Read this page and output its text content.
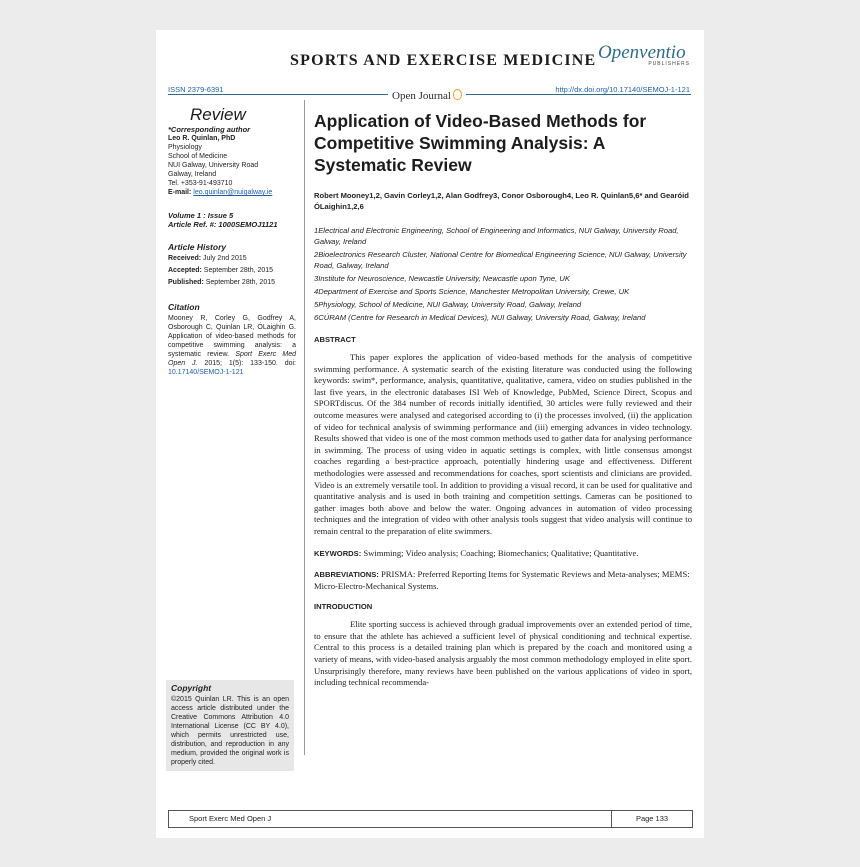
SPORTS AND EXERCISE MEDICINE Openventio
PUBLISHERS
ISSN 2379-6391	http://dx.doi.org/10.17140/SEMOJ-1-121
Open Journal
Review
*Corresponding author
Leo R. Quinlan, PhD
Physiology
School of Medicine
NUI Galway, University Road
Galway, Ireland
Tel. +353-91-493710
E-mail: leo.quinlan@nuigalway.ie
Volume 1 : Issue 5
Article Ref. #: 1000SEMOJ1121
Article History
Received: July 2nd 2015
Accepted: September 28th, 2015
Published: September 28th, 2015
Citation
Mooney R, Corley G, Godfrey A, Osborough C, Quinlan LR, ÓLaighin G. Application of video-based methods for competitive swimming analysis: a systematic review. Sport Exerc Med Open J. 2015; 1(5): 133-150. doi: 10.17140/SEMOJ-1-121
Copyright
©2015 Quinlan LR. This is an open access article distributed under the Creative Commons Attribution 4.0 International License (CC BY 4.0), which permits unrestricted use, distribution, and reproduction in any medium, provided the original work is properly cited.
Application of Video-Based Methods for Competitive Swimming Analysis: A Systematic Review
Robert Mooney1,2, Gavin Corley1,2, Alan Godfrey3, Conor Osborough4, Leo R. Quinlan5,6* and Gearóid ÓLaighin1,2,6
1Electrical and Electronic Engineering, School of Engineering and Informatics, NUI Galway, University Road, Galway, Ireland
2Bioelectronics Research Cluster, National Centre for Biomedical Engineering Science, NUI Galway, University Road, Galway, Ireland
3Institute for Neuroscience, Newcastle University, Newcastle upon Tyne, UK
4Department of Exercise and Sports Science, Manchester Metropolitan University, Crewe, UK
5Physiology, School of Medicine, NUI Galway, University Road, Galway, Ireland
6CÚRAM (Centre for Research in Medical Devices), NUI Galway, University Road, Galway, Ireland
ABSTRACT

This paper explores the application of video-based methods for the analysis of competitive swimming performance. A systematic search of the existing literature was conducted using the following keywords: swim*, performance, analysis, quantitative, qualitative, camera, video on studies published in the last five years, in the electronic databases ISI Web of Knowledge, PubMed, Science Direct, Scopus and SPORTdiscus. Of the 384 number of records initially identified, 30 articles were fully reviewed and their outcome measures were analysed and categorised according to (i) the processes involved, (ii) the application of video for technical analysis of swimming performance and (iii) emerging advances in video technology. Results showed that video is one of the most common methods used to gather data for analysing performance in swimming. The process of using video in aquatic settings is complex, with little consensus amongst coaches regarding a best-practice approach, potentially hindering usage and effectiveness. Different methodologies were assessed and recommendations for coaches, sport scientists and clinicians are provided. Video is an extremely versatile tool. In addition to providing a visual record, it can be used for qualitative and quantitative analysis and is used in both training and competition settings. Cameras can be positioned to gather images both above and below the water. Ongoing advances in automation of video processing techniques and the integration of video with other analysis tools suggest that video analysis will continue to remain central to the preparation of elite swimmers.

KEYWORDS: Swimming; Video analysis; Coaching; Biomechanics; Qualitative; Quantitative.
ABBREVIATIONS: PRISMA: Preferred Reporting Items for Systematic Reviews and Meta-analyses; MEMS: Micro-Electro-Mechanical Systems.
INTRODUCTION

Elite sporting success is achieved through gradual improvements over an extended period of time, to ensure that the athlete has achieved a sufficient level of physical conditioning and technical expertise. Central to this process is a detailed training plan which is prepared by the coach and monitored using a variety of means, with video-based analysis arguably the most common methodology employed in elite sport. Unsurprisingly therefore, many reviews have been published on the various applications of video in sport, including technical recommenda-

Sport Exerc Med Open J	Page 133
